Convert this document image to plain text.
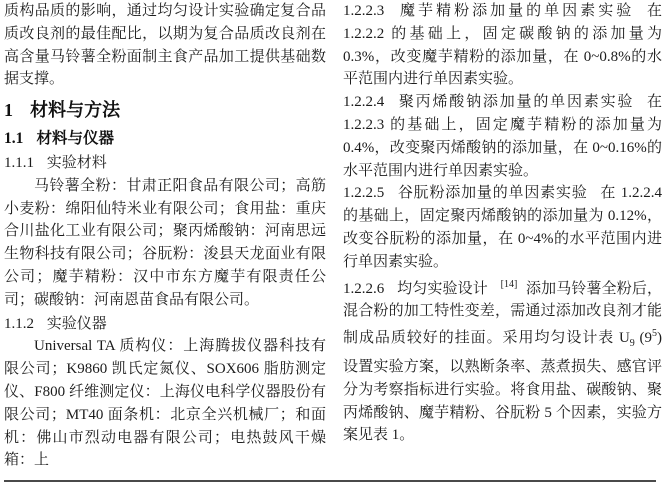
质构品质的影响，通过均匀设计实验确定复合品质改良剂的最佳配比，以期为复合品质改良剂在高含量马铃薯全粉面制主食产品加工提供基础数据支撑。

1 材料与方法
1.1 材料与仪器
1.1.1 实验材料

马铃薯全粉：甘肃正阳食品有限公司；高筋小麦粉：绵阳仙特米业有限公司；食用盐：重庆合川盐化工业有限公司；聚丙烯酸钠：河南思远生物科技有限公司；谷朊粉：浚县天龙面业有限公司；魔芋精粉：汉中市东方魔芋有限责任公司；碳酸钠：河南恩苗食品有限公司。

1.1.2 实验仪器

Universal TA 质构仪：上海腾拔仪器科技有限公司；K9860 凯氏定氮仪、SOX606 脂肪测定仪、F800 纤维测定仪：上海仪电科学仪器股份有限公司；MT40 面条机：北京全兴机械厂；和面机：佛山市烈动电器有限公司；电热鼓风干燥箱：上

1.2.2.3 魔芋精粉添加量的单因素实验 在 1.2.2.2 的基础上，固定碳酸钠的添加量为 0.3%，改变魔芋精粉的添加量，在 0~0.8%的水平范围内进行单因素实验。

1.2.2.4 聚丙烯酸钠添加量的单因素实验 在 1.2.2.3 的基础上，固定魔芋精粉的添加量为 0.4%，改变聚丙烯酸钠的添加量，在 0~0.16%的水平范围内进行单因素实验。

1.2.2.5 谷朊粉添加量的单因素实验 在 1.2.2.4 的基础上，固定聚丙烯酸钠的添加量为 0.12%，改变谷朊粉的添加量，在 0~4%的水平范围内进行单因素实验。

1.2.2.6 均匀实验设计 [14] 添加马铃薯全粉后，混合粉的加工特性变差，需通过添加改良剂才能制成品质较好的挂面。采用均匀设计表 $U_9$ $(9^5)$ 设置实验方案，以熟断条率、蒸煮损失、感官评分为考察指标进行实验。将食用盐、碳酸钠、聚丙烯酸钠、魔芋精粉、谷朊粉 5 个因素，实验方案见表 1。
